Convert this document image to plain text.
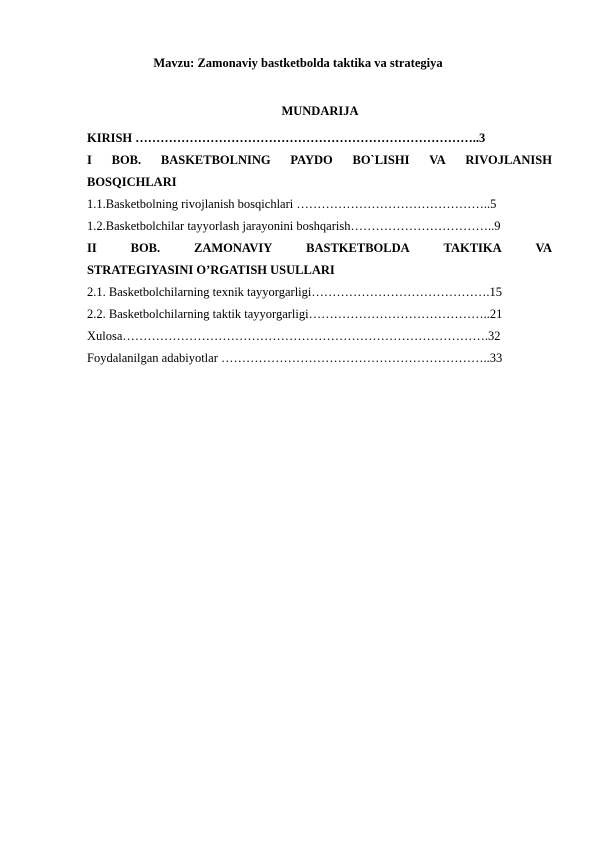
Mavzu: Zamonaviy bastketbolda taktika va strategiya
MUNDARIJA
KIRISH ………………………………………………………………………..3
I BOB. BASKETBOLNING PAYDO BO`LISHI VA RIVOJLANISH
BOSQICHLARI
1.1.Basketbolning rivojlanish bosqichlari ………………………………………..5
1.2.Basketbolchilar tayyorlash jarayonini boshqarish……………………………..9
II	BOB.	ZAMONAVIY	BASTKETBOLDA	TAKTIKA	VA
STRATEGIYASINI O’RGATISH USULLARI
2.1. Basketbolchilarning texnik tayyorgarligi…………………………………….15
2.2. Basketbolchilarning taktik tayyorgarligi……………………………………..21
Xulosa…………………………………………………………………………….32
Foydalanilgan adabiyotlar ………………………………………………………..33
